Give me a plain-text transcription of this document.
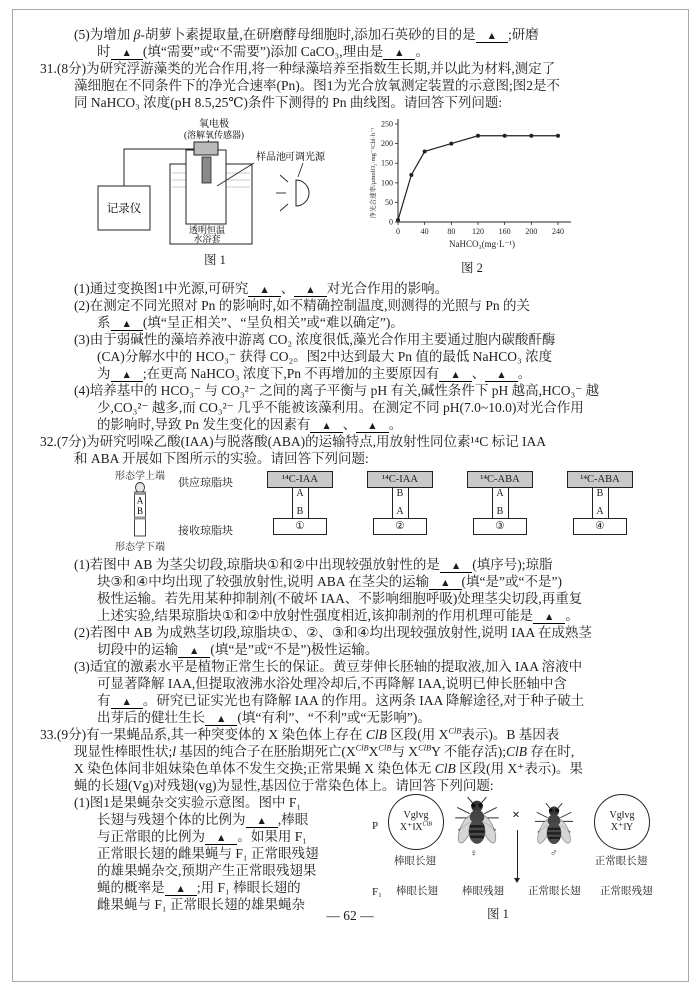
(5)为增加 β-胡萝卜素提取量,在研磨酵母细胞时,添加石英砂的目的是 ▲ ;研磨
时 ▲ (填“需要”或“不需要”)添加 CaCO₃,理由是 ▲ 。
31.(8分)为研究浮游藻类的光合作用,将一种绿藻培养至指数生长期,并以此为材料,测定了
藻细胞在不同条件下的净光合速率(Pn)。图1为光合放氧测定装置的示意图;图2是不
同 NaHCO₃ 浓度(pH 8.5,25℃)条件下测得的 Pn 曲线图。请回答下列问题:
氧电极
(溶解氧传感器)
样品池
记录仪
可调光源
透明恒温
水浴套
图 1
0	40 80 120 160 200 240
0
50
100
150
200
250
NaHCO₃(mg·L⁻¹)
净光合速率/μmolO₂·mg⁻¹Chl·h⁻¹
图 2
(1)通过变换图1中光源,可研究 ▲ 、 ▲ 对光合作用的影响。
(2)在测定不同光照对 Pn 的影响时,如不精确控制温度,则测得的光照与 Pn 的关
系 ▲ (填“呈正相关”、“呈负相关”或“难以确定”)。
(3)由于弱碱性的藻培养液中游离 CO₂ 浓度很低,藻光合作用主要通过胞内碳酸酐酶
(CA)分解水中的 HCO₃⁻ 获得 CO₂。图2中达到最大 Pn 值的最低 NaHCO₃ 浓度
为 ▲ ;在更高 NaHCO₃ 浓度下,Pn 不再增加的主要原因有 ▲ 、 ▲ 。
(4)培养基中的 HCO₃⁻ 与 CO₃²⁻ 之间的离子平衡与 pH 有关,碱性条件下 pH 越高,HCO₃⁻ 越
少,CO₃²⁻ 越多,而 CO₃²⁻ 几乎不能被该藻利用。在测定不同 pH(7.0~10.0)对光合作用
的影响时,导致 Pn 发生变化的因素有 ▲ 、 ▲ 。
32.(7分)为研究吲哚乙酸(IAA)与脱落酸(ABA)的运输特点,用放射性同位素¹⁴C 标记 IAA
和 ABA 开展如下图所示的实验。请回答下列问题:
形态学上端
A
B
形态学下端
供应琼脂块
接收琼脂块
¹⁴C-IAA
A
B
①
¹⁴C-IAA
B
A
②
¹⁴C-ABA
A
B
③
¹⁴C-ABA
B
A
④
(1)若图中 AB 为茎尖切段,琼脂块①和②中出现较强放射性的是 ▲ (填序号);琼脂
块③和④中均出现了较强放射性,说明 ABA 在茎尖的运输 ▲ (填“是”或“不是”)
极性运输。若先用某种抑制剂(不破坏 IAA、不影响细胞呼吸)处理茎尖切段,再重复
上述实验,结果琼脂块①和②中放射性强度相近,该抑制剂的作用机理可能是 ▲ 。
(2)若图中 AB 为成熟茎切段,琼脂块①、②、③和④均出现较强放射性,说明 IAA 在成熟茎
切段中的运输 ▲ (填“是”或“不是”)极性运输。
(3)适宜的激素水平是植物正常生长的保证。黄豆芽伸长胚轴的提取液,加入 IAA 溶液中
可显著降解 IAA,但提取液沸水浴处理冷却后,不再降解 IAA,说明已伸长胚轴中含
有 ▲ 。研究已证实光也有降解 IAA 的作用。这两条 IAA 降解途径,对于种子破土
出芽后的健壮生长 ▲ (填“有利”、“不利”或“无影响”)。
33.(9分)有一果蝇品系,其一种突变体的 X 染色体上存在 ClB 区段(用 $X^{ClB}$表示)。B 基因表
现显性棒眼性状;l 基因的纯合子在胚胎期死亡($X^{ClB}X^{ClB}$与 $X^{ClB}Y$ 不能存活);ClB 存在时,
X 染色体间非姐妹染色单体不发生交换;正常果蝇 X 染色体无 ClB 区段(用 X⁺表示)。果
蝇的长翅(Vg)对残翅(vg)为显性,基因位于常染色体上。请回答下列问题:
(1)图1是果蝇杂交实验示意图。图中 F₁
长翅与残翅个体的比例为 ▲ ,棒眼
与正常眼的比例为 ▲ 。如果用 F₁
正常眼长翅的雌果蝇与 F₁ 正常眼残翅
的雄果蝇杂交,预期产生正常眼残翅果
蝇的概率是 ▲ ;用 F₁ 棒眼长翅的
雌果蝇与 F₁ 正常眼长翅的雄果蝇杂
P
Vg‖vg
$X^+‖X^{ClB}$
棒眼长翅
♀
×
♂
Vg‖vg
X⁺‖Y
正常眼长翅
F₁ 棒眼长翅 棒眼残翅 正常眼长翅 正常眼残翅
图 1
— 62 —
